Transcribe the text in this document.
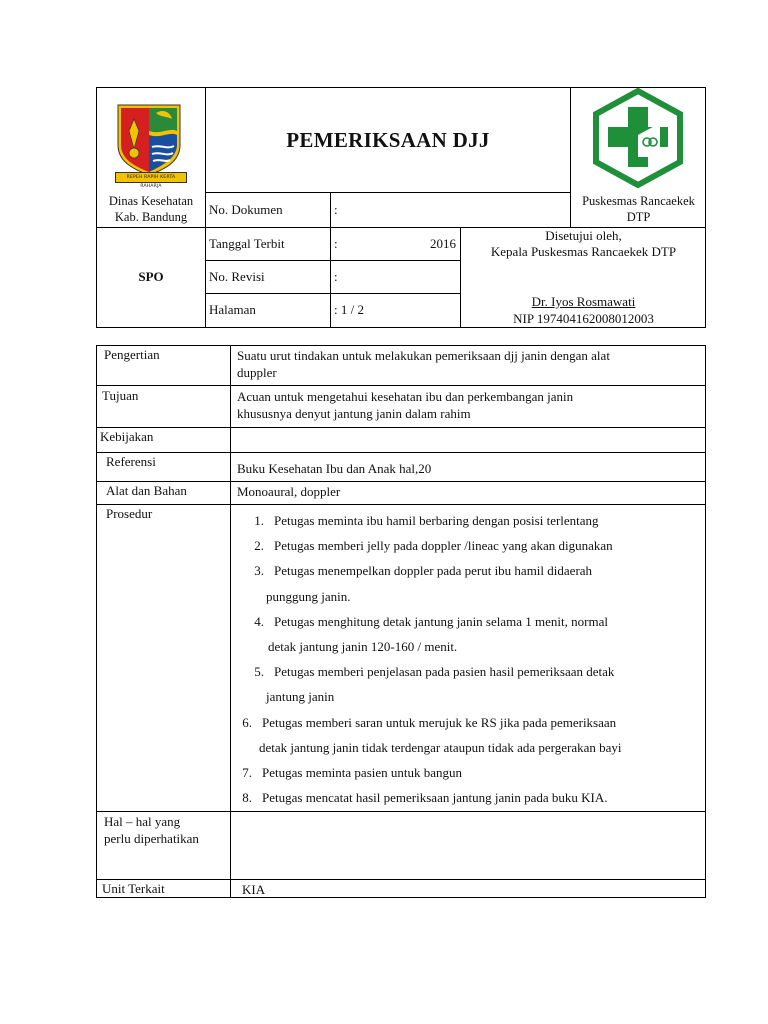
REPEH RAPIH KERTA RAHARJA
Dinas Kesehatan
Kab. Bandung
PEMERIKSAAN DJJ
Puskesmas Rancaekek
DTP
No. Dokumen	:
SPO
Tanggal Terbit	:	2016
No. Revisi	:
Halaman	: 1 / 2
Disetujui oleh,
Kepala Puskesmas Rancaekek DTP
Dr. Iyos Rosmawati
NIP 197404162008012003
Pengertian	Suatu urut tindakan untuk melakukan pemeriksaan djj janin dengan alat
duppler
Tujuan	Acuan untuk mengetahui kesehatan ibu dan perkembangan janin
khususnya denyut jantung janin dalam rahim
Kebijakan
Referensi	Buku Kesehatan Ibu dan Anak hal,20
Alat dan Bahan	Monoaural, doppler
Prosedur	1. Petugas meminta ibu hamil berbaring dengan posisi terlentang
2. Petugas memberi jelly pada doppler /lineac yang akan digunakan
3. Petugas menempelkan doppler pada perut ibu hamil didaerah
punggung janin.
4. Petugas menghitung detak jantung janin selama 1 menit, normal
detak jantung janin 120-160 / menit.
5. Petugas memberi penjelasan pada pasien hasil pemeriksaan detak
jantung janin
6. Petugas memberi saran untuk merujuk ke RS jika pada pemeriksaan
detak jantung janin tidak terdengar ataupun tidak ada pergerakan bayi
7. Petugas meminta pasien untuk bangun
8. Petugas mencatat hasil pemeriksaan jantung janin pada buku KIA.
Hal – hal yang
perlu diperhatikan
Unit Terkait	KIA
